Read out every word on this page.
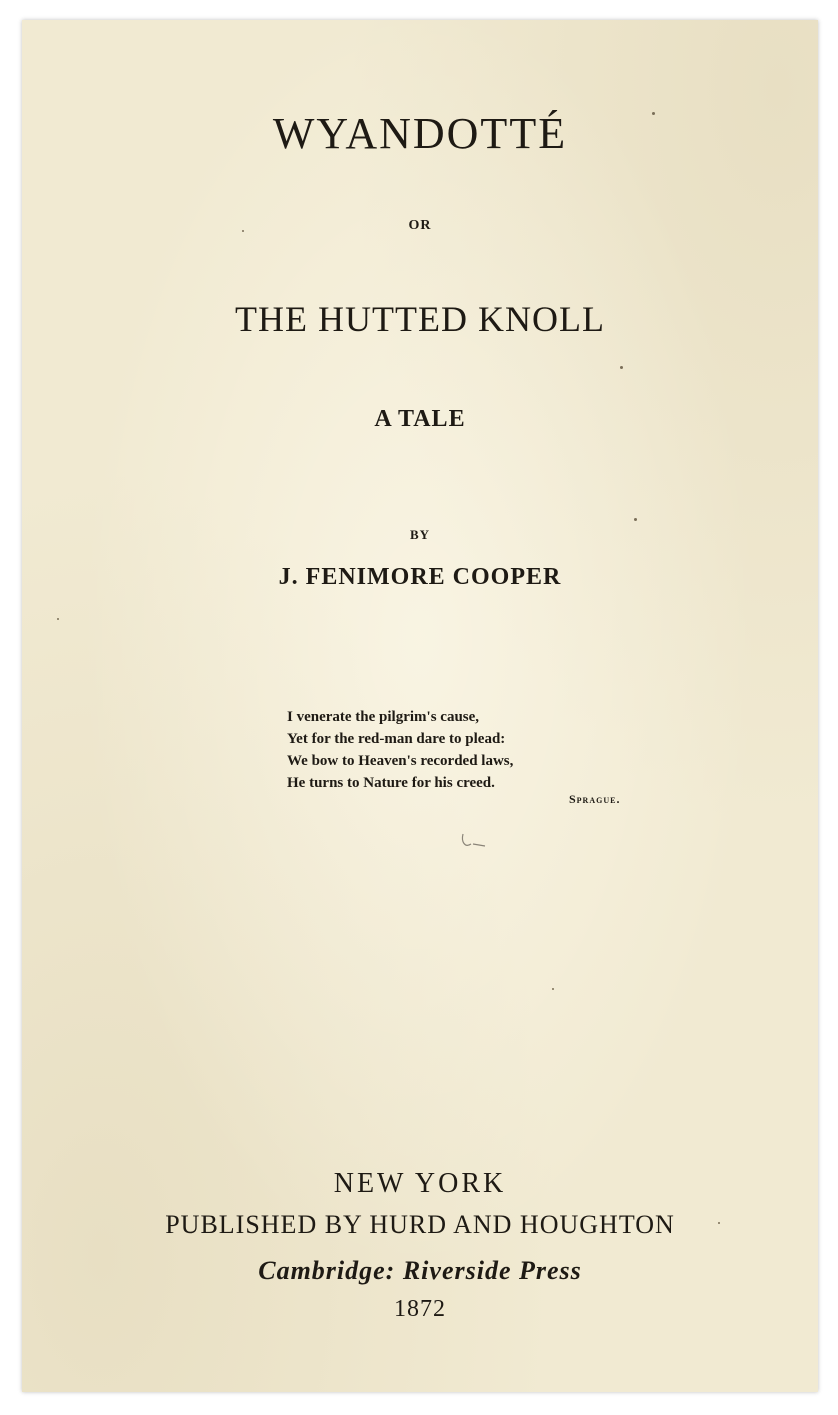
WYANDOTTÉ
OR
THE HUTTED KNOLL
A TALE
BY
J. FENIMORE COOPER
I venerate the pilgrim's cause,
Yet for the red-man dare to plead:
We bow to Heaven's recorded laws,
He turns to Nature for his creed.
Sprague.
NEW YORK
PUBLISHED BY HURD AND HOUGHTON
Cambridge: Riverside Press
1872
